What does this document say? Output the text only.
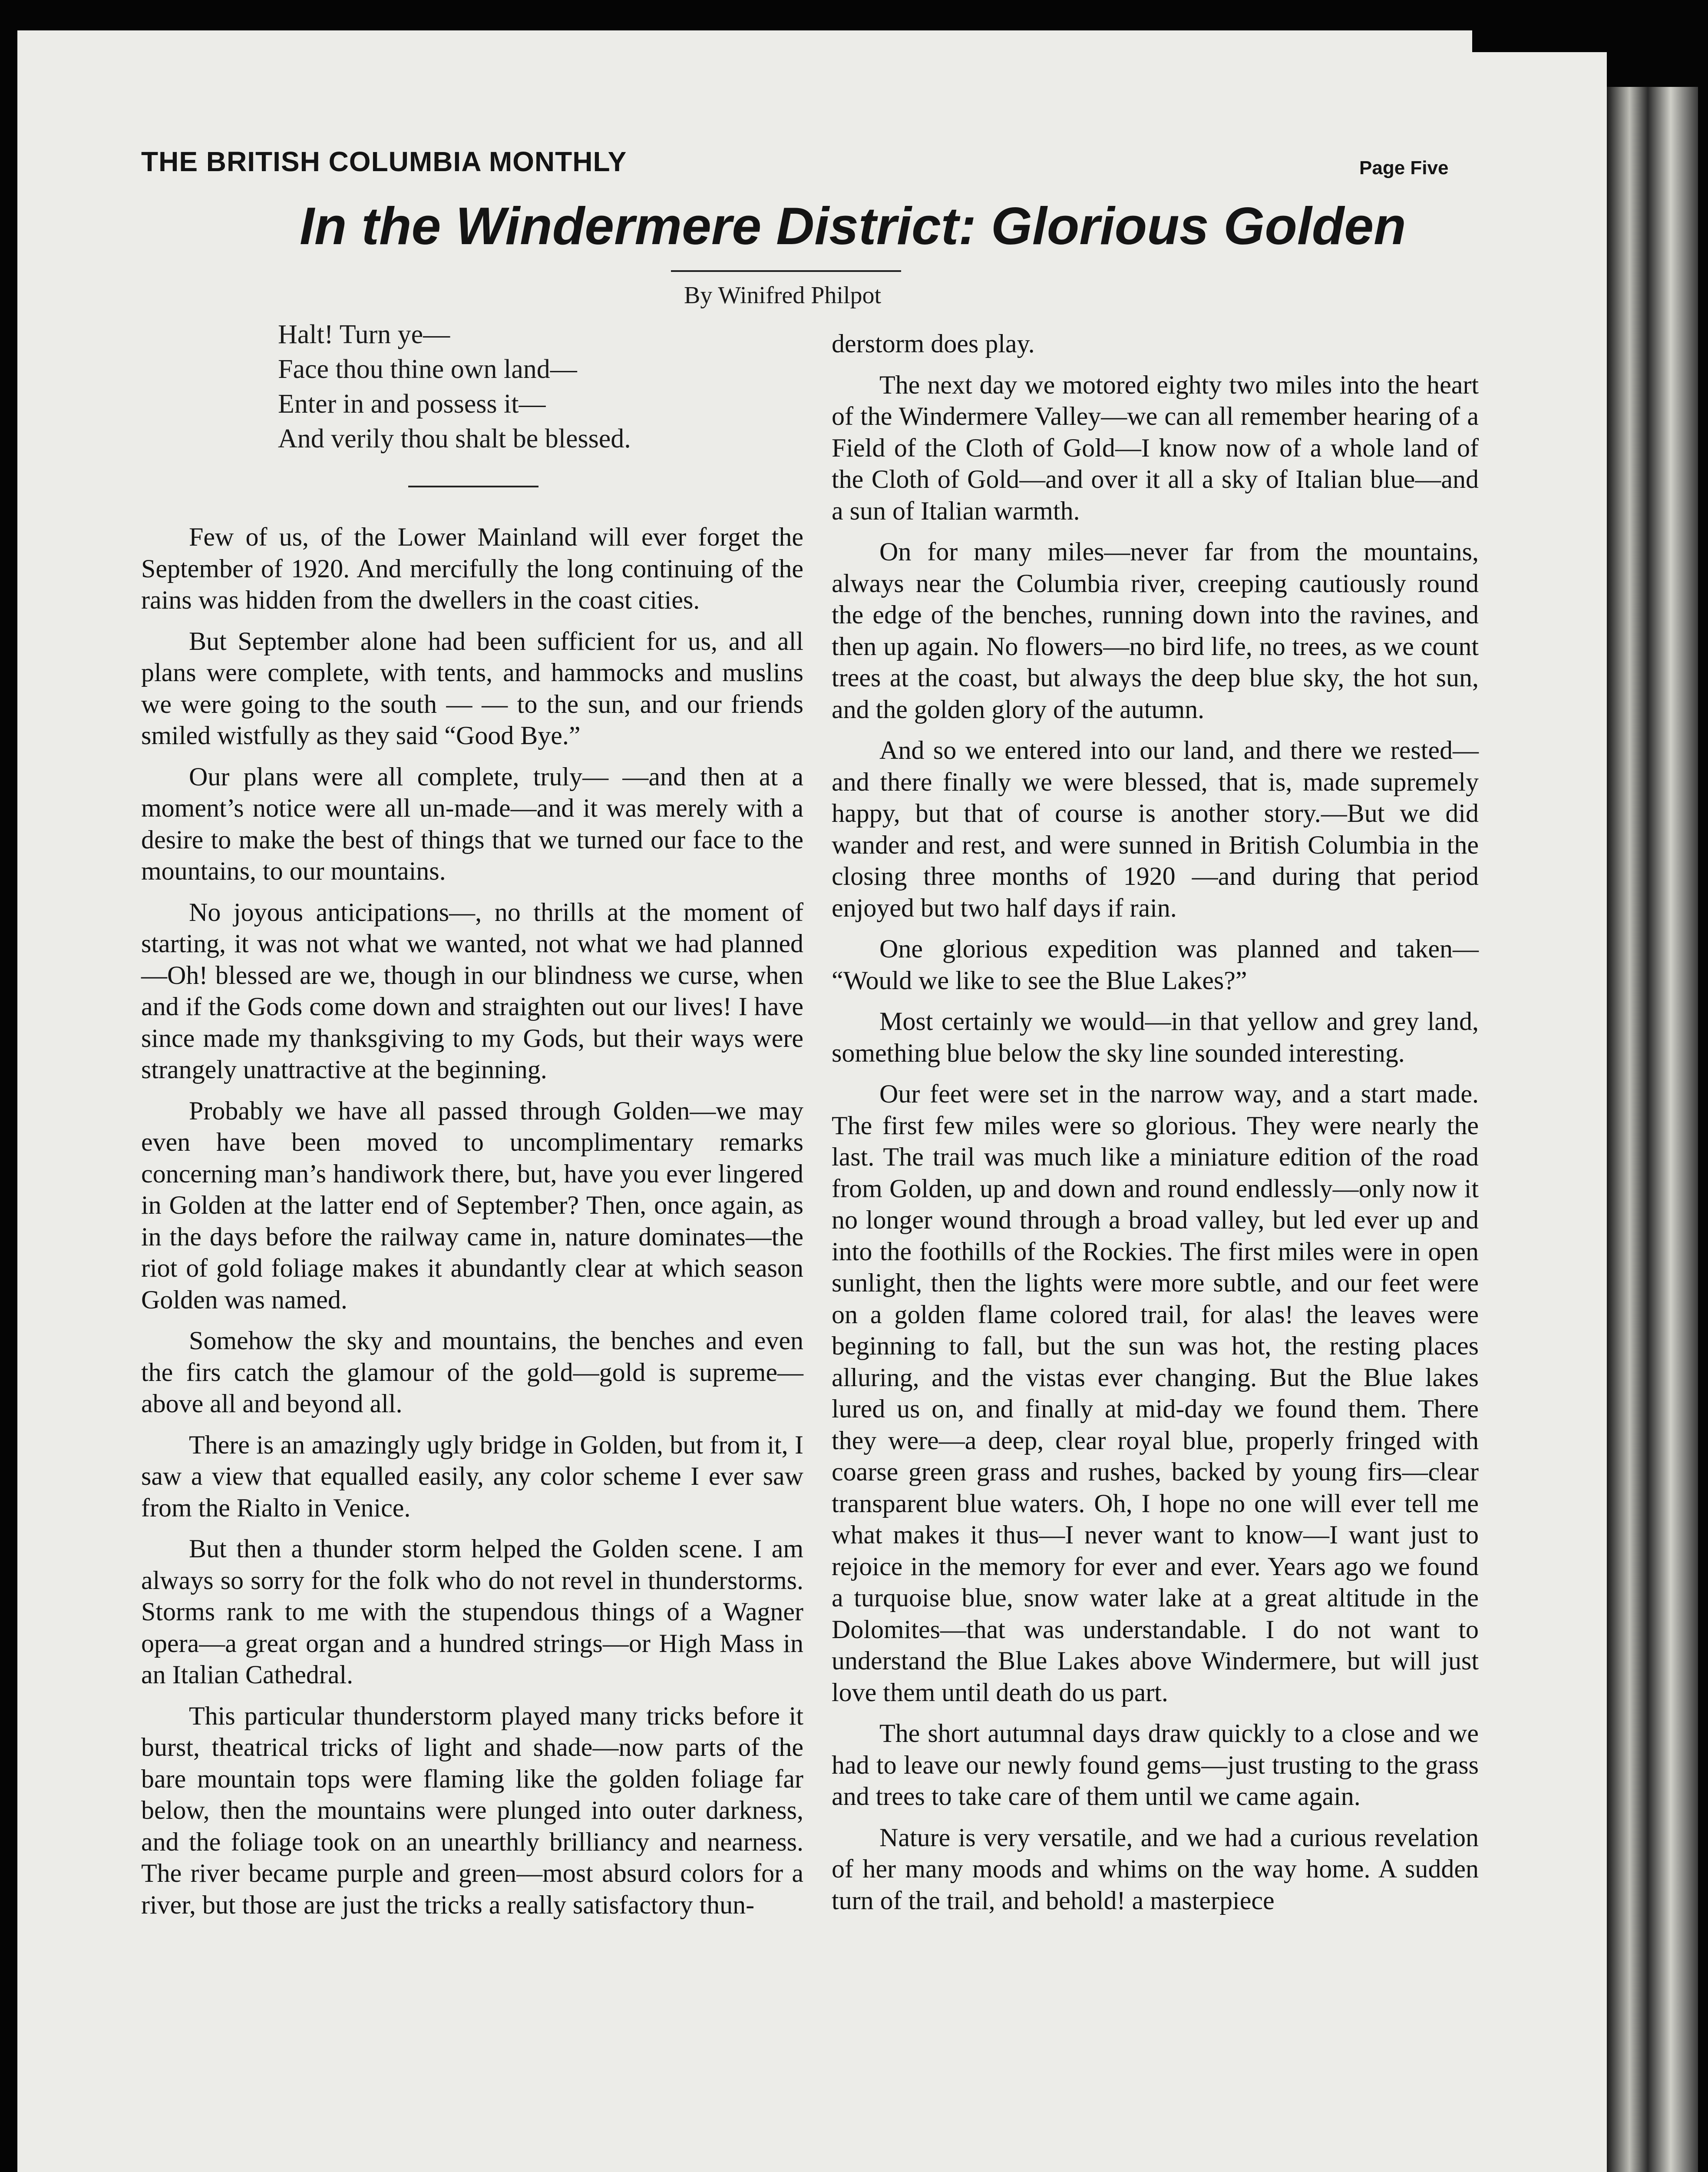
THE BRITISH COLUMBIA MONTHLY	Page Five
In the Windermere District: Glorious Golden
By Winifred Philpot
Halt! Turn ye—
Face thou thine own land—
Enter in and possess it—
And verily thou shalt be blessed.

Few of us, of the Lower Mainland will ever forget the September of 1920. And mercifully the long continuing of the rains was hidden from the dwellers in the coast cities.

But September alone had been sufficient for us, and all plans were complete, with tents, and hammocks and muslins we were going to the south — — to the sun, and our friends smiled wistfully as they said “Good Bye.”

Our plans were all complete, truly— —and then at a moment’s notice were all un-made—and it was merely with a desire to make the best of things that we turned our face to the mountains, to our mountains.

No joyous anticipations—, no thrills at the moment of starting, it was not what we wanted, not what we had planned—Oh! blessed are we, though in our blindness we curse, when and if the Gods come down and straighten out our lives! I have since made my thanksgiving to my Gods, but their ways were strangely unattractive at the beginning.

Probably we have all passed through Golden—we may even have been moved to uncomplimentary remarks concerning man’s handiwork there, but, have you ever lingered in Golden at the latter end of September? Then, once again, as in the days before the railway came in, nature dominates—the riot of gold foliage makes it abundantly clear at which season Golden was named.

Somehow the sky and mountains, the benches and even the firs catch the glamour of the gold—gold is supreme—above all and beyond all.

There is an amazingly ugly bridge in Golden, but from it, I saw a view that equalled easily, any color scheme I ever saw from the Rialto in Venice.

But then a thunder storm helped the Golden scene. I am always so sorry for the folk who do not revel in thunderstorms. Storms rank to me with the stupendous things of a Wagner opera—a great organ and a hundred strings—or High Mass in an Italian Cathedral.

This particular thunderstorm played many tricks before it burst, theatrical tricks of light and shade—now parts of the bare mountain tops were flaming like the golden foliage far below, then the mountains were plunged into outer darkness, and the foliage took on an unearthly brilliancy and nearness. The river became purple and green—most absurd colors for a river, but those are just the tricks a really satisfactory thun-

derstorm does play.

The next day we motored eighty two miles into the heart of the Windermere Valley—we can all remember hearing of a Field of the Cloth of Gold—I know now of a whole land of the Cloth of Gold—and over it all a sky of Italian blue—and a sun of Italian warmth.

On for many miles—never far from the mountains, always near the Columbia river, creeping cautiously round the edge of the benches, running down into the ravines, and then up again. No flowers—no bird life, no trees, as we count trees at the coast, but always the deep blue sky, the hot sun, and the golden glory of the autumn.

And so we entered into our land, and there we rested—and there finally we were blessed, that is, made supremely happy, but that of course is another story.—But we did wander and rest, and were sunned in British Columbia in the closing three months of 1920 —and during that period enjoyed but two half days if rain.

One glorious expedition was planned and taken— “Would we like to see the Blue Lakes?”

Most certainly we would—in that yellow and grey land, something blue below the sky line sounded interesting.

Our feet were set in the narrow way, and a start made. The first few miles were so glorious. They were nearly the last. The trail was much like a miniature edition of the road from Golden, up and down and round endlessly—only now it no longer wound through a broad valley, but led ever up and into the foothills of the Rockies. The first miles were in open sunlight, then the lights were more subtle, and our feet were on a golden flame colored trail, for alas! the leaves were beginning to fall, but the sun was hot, the resting places alluring, and the vistas ever changing. But the Blue lakes lured us on, and finally at mid-day we found them. There they were—a deep, clear royal blue, properly fringed with coarse green grass and rushes, backed by young firs—clear transparent blue waters. Oh, I hope no one will ever tell me what makes it thus—I never want to know—I want just to rejoice in the memory for ever and ever. Years ago we found a turquoise blue, snow water lake at a great altitude in the Dolomites—that was understandable. I do not want to understand the Blue Lakes above Windermere, but will just love them until death do us part.

The short autumnal days draw quickly to a close and we had to leave our newly found gems—just trusting to the grass and trees to take care of them until we came again.

Nature is very versatile, and we had a curious revelation of her many moods and whims on the way home. A sudden turn of the trail, and behold! a masterpiece
